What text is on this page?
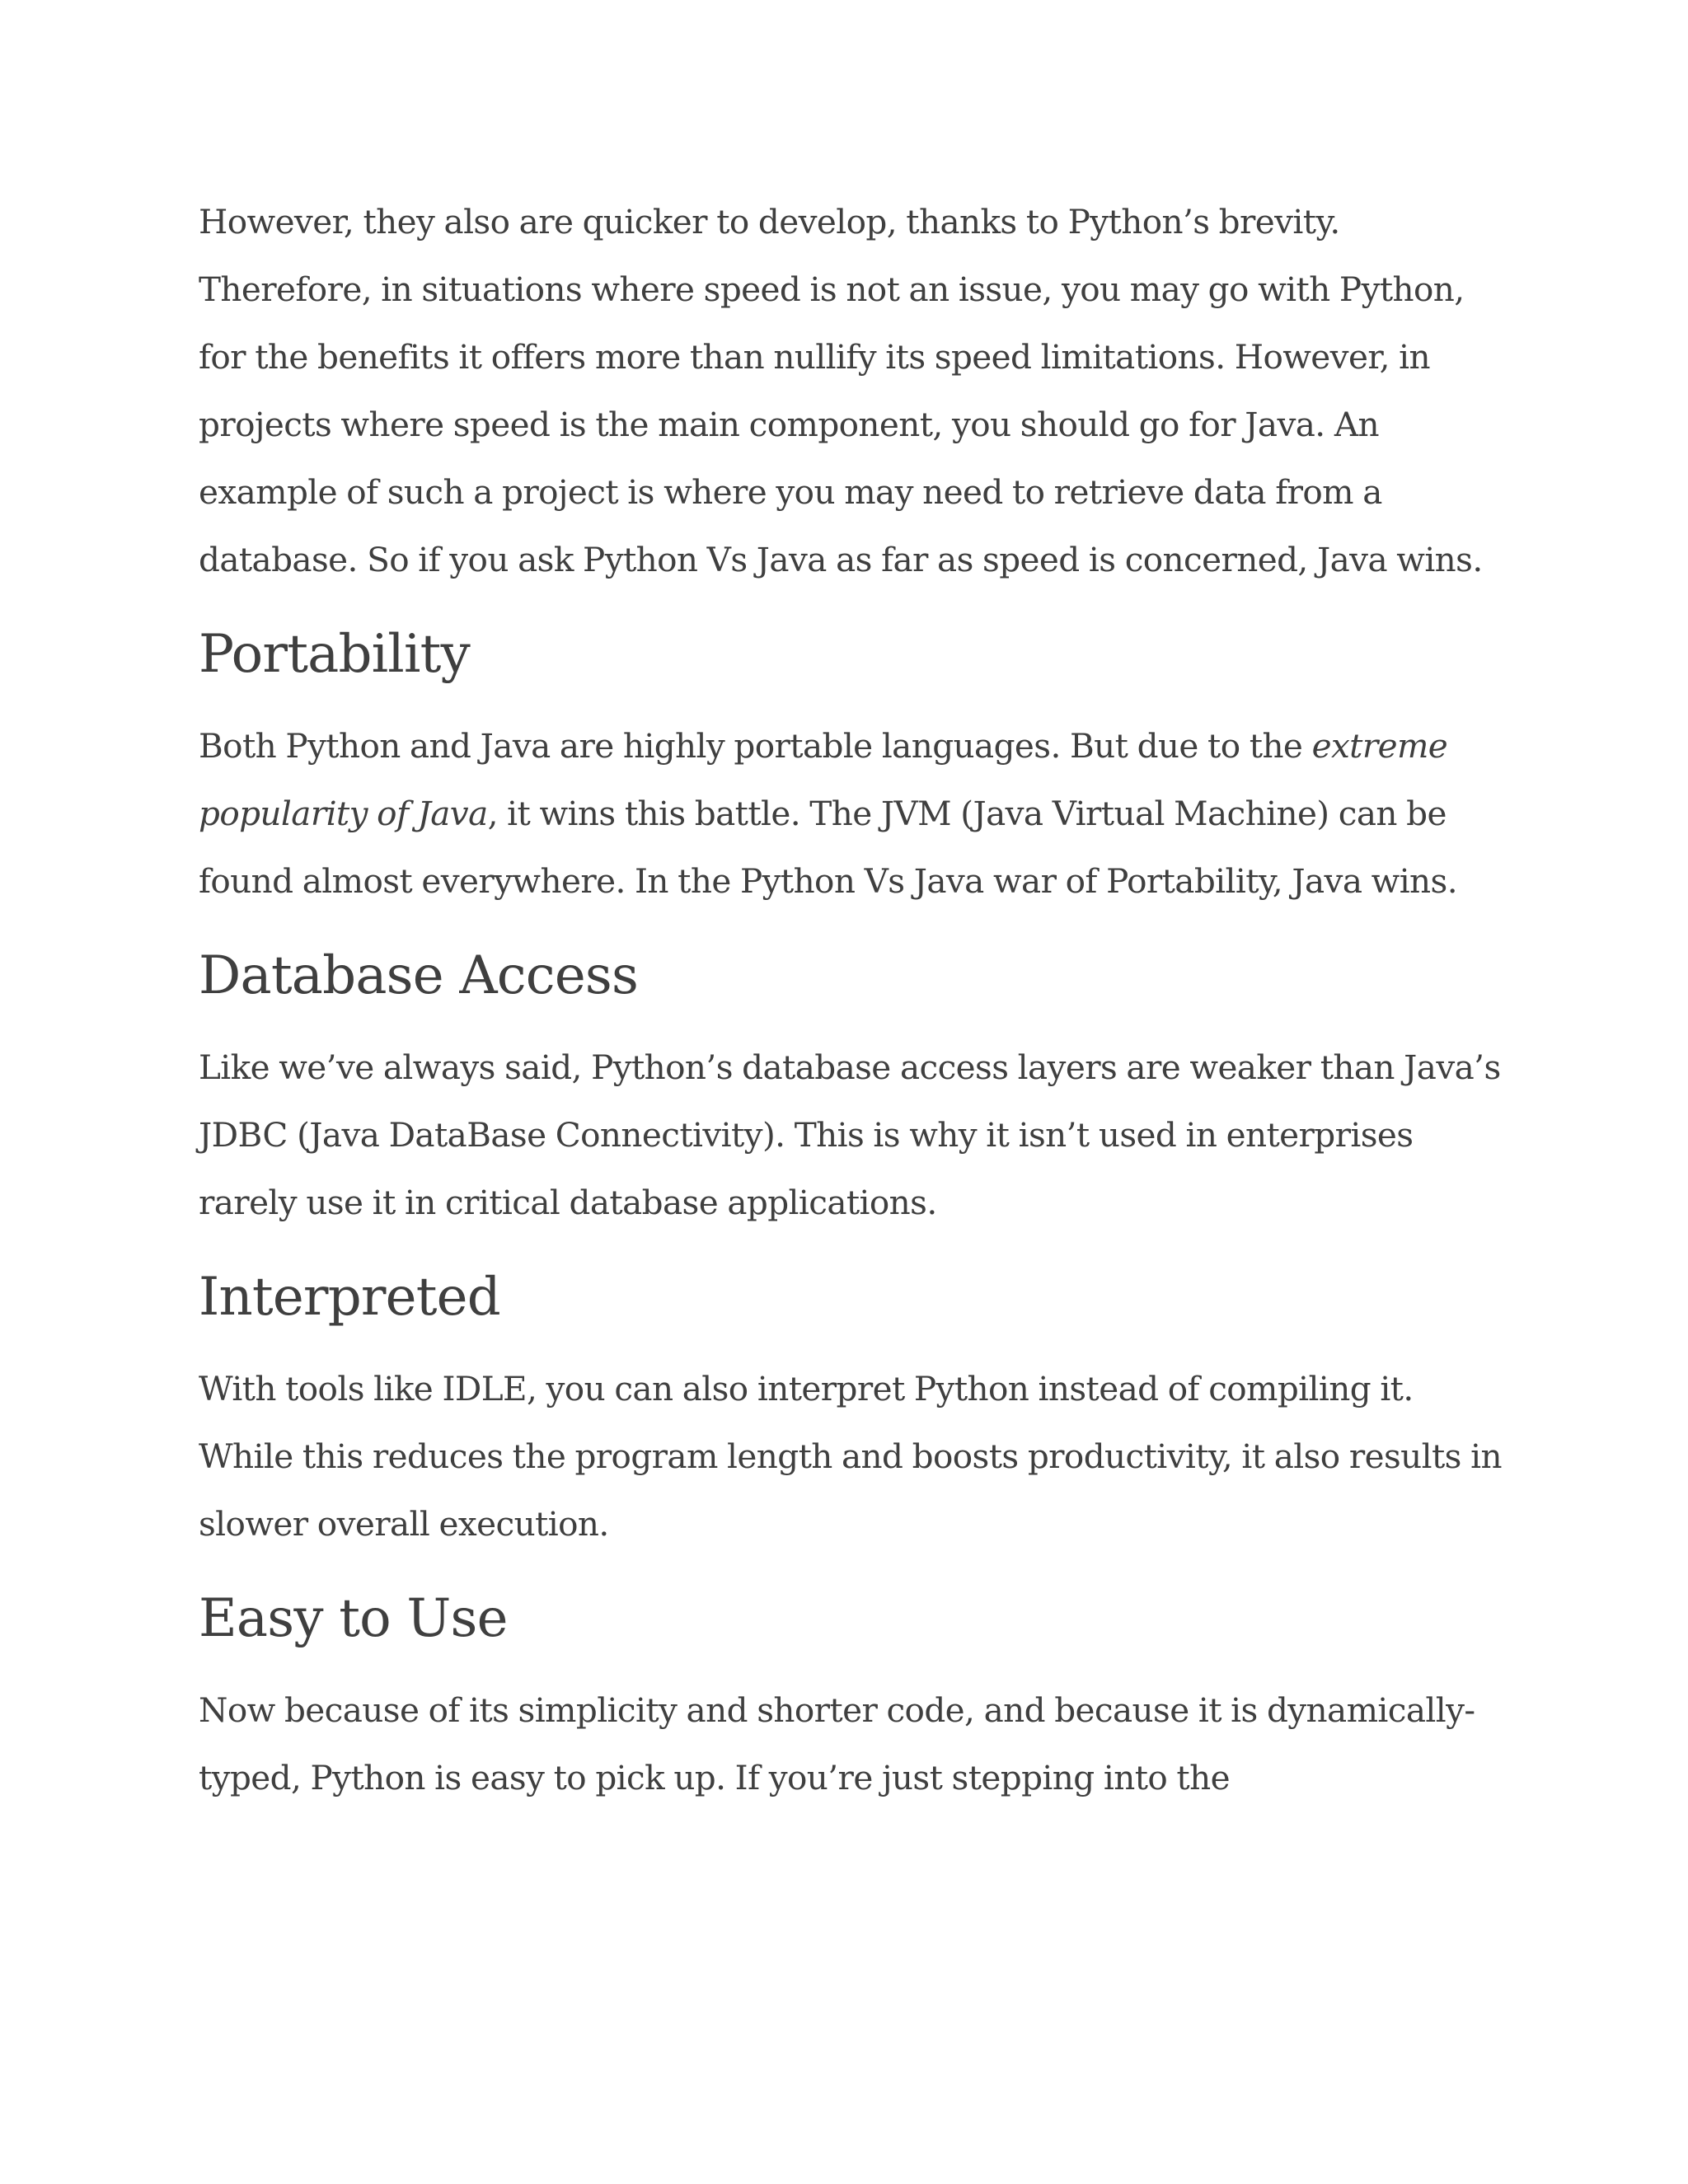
However, they also are quicker to develop, thanks to Python’s brevity. Therefore, in situations where speed is not an issue, you may go with Python, for the benefits it offers more than nullify its speed limitations. However, in projects where speed is the main component, you should go for Java. An example of such a project is where you may need to retrieve data from a database. So if you ask Python Vs Java as far as speed is concerned, Java wins.

Portability

Both Python and Java are highly portable languages. But due to the extreme popularity of Java, it wins this battle. The JVM (Java Virtual Machine) can be found almost everywhere. In the Python Vs Java war of Portability, Java wins.

Database Access

Like we’ve always said, Python’s database access layers are weaker than Java’s JDBC (Java DataBase Connectivity). This is why it isn’t used in enterprises rarely use it in critical database applications.

Interpreted

With tools like IDLE, you can also interpret Python instead of compiling it. While this reduces the program length and boosts productivity, it also results in slower overall execution.

Easy to Use

Now because of its simplicity and shorter code, and because it is dynamically-typed, Python is easy to pick up. If you’re just stepping into the
